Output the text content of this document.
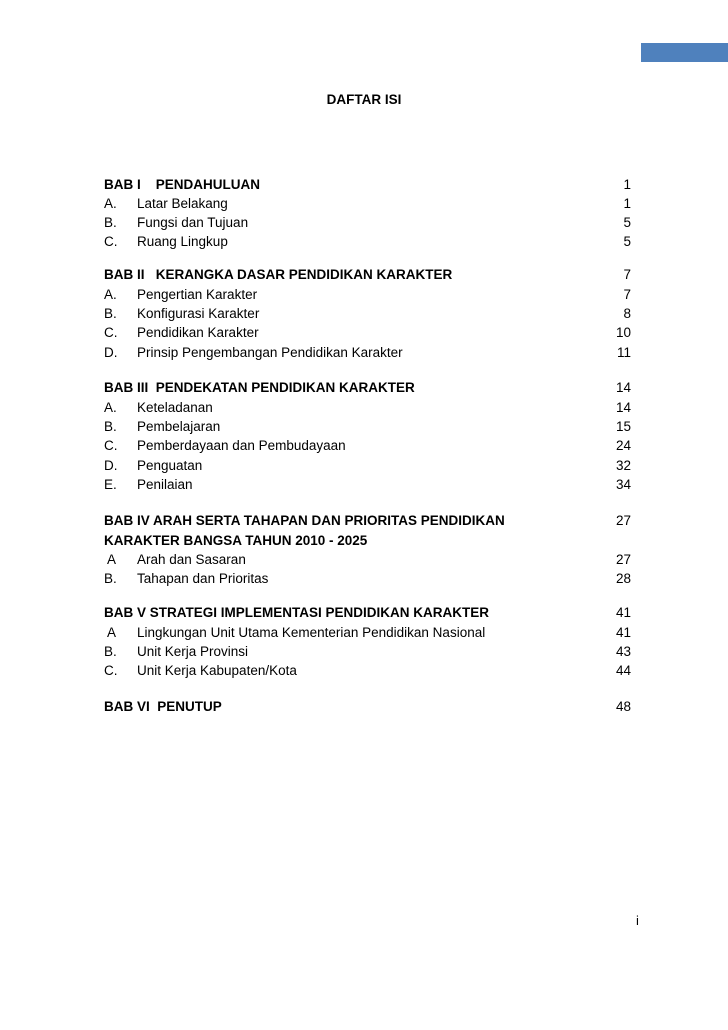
DAFTAR ISI
BAB I    PENDAHULUAN	1
A. Latar Belakang	1
B. Fungsi dan Tujuan	5
C. Ruang Lingkup	5
BAB II   KERANGKA DASAR PENDIDIKAN KARAKTER	7
A. Pengertian Karakter	7
B. Konfigurasi Karakter	8
C. Pendidikan Karakter	10
D. Prinsip Pengembangan Pendidikan Karakter	11
BAB III  PENDEKATAN PENDIDIKAN KARAKTER	14
A. Keteladanan	14
B. Pembelajaran	15
C. Pemberdayaan dan Pembudayaan	24
D. Penguatan	32
E. Penilaian	34
BAB IV ARAH SERTA TAHAPAN DAN PRIORITAS PENDIDIKAN	27
KARAKTER BANGSA TAHUN 2010 - 2025
A Arah dan Sasaran	27
B. Tahapan dan Prioritas	28
BAB V STRATEGI IMPLEMENTASI PENDIDIKAN KARAKTER	41
A Lingkungan Unit Utama Kementerian Pendidikan Nasional	41
B. Unit Kerja Provinsi	43
C. Unit Kerja Kabupaten/Kota	44
BAB VI  PENUTUP	48
i
